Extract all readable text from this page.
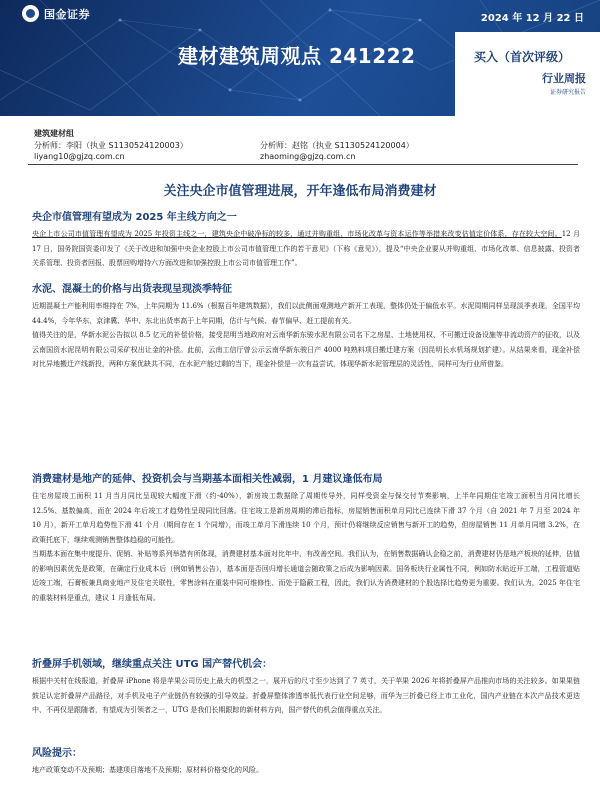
国金证券	2024 年 12 月 22 日
建材建筑周观点 241222	买入（首次评级）
行业周报
证券研究报告
建筑建材组
分析师：李阳（执业 S1130524120003）	分析师：赵铭（执业 S1130524120004）
liyang10@gjzq.com.cn	zhaoming@gjzq.com.cn
关注央企市值管理进展，开年逢低布局消费建材
央企市值管理有望成为 2025 年主线方向之一

央企上市公司市值管理有望成为 2025 年投资主线之一，建筑央企中破净标的较多，通过并购重组、市场化改革与资本运作等举措来改变估值定价体系，存在较大空间。12 月 17 日，国务院国资委印发了《关于改进和加强中央企业控股上市公司市值管理工作的若干意见》（下称《意见》），提及“中央企业要从并购重组、市场化改革、信息披露、投资者关系管理、投资者回报、股票回购增持六方面改进和加强控股上市公司市值管理工作”。

水泥、混凝土的价格与出货表现呈现淡季特征

近期混凝土产能利用率维持在 7%，上年同期为 11.6%（根据百年建筑数据），我们以此侧面观测地产新开工表现，整体仍处于偏低水平。水泥周期同样呈现淡季表现，全国平均 44.4%，今年华东、京津冀、华中、东北出货率高于上年同期，估计与气候、春节偏早、赶工提前有关。

值得关注的是，华新水泥公告拟以 8.5 亿元的补偿价格，接受昆明当地政府对云南华新东骏水泥有限公司名下之房屋、土地使用权、不可搬迁设备设施等非流动资产的征收，以及云南国资水泥昆明有限公司采矿权出让金的补偿。此前，云南工信厅曾公示云南华新东骏日产 4000 吨熟料项目搬迁建方案（因昆明长水机场规划扩建）。从结果来看，现金补偿对比异地搬迁产线新投，两种方案优缺共不同，在水泥产能过剩的当下，现金补偿是一次有益尝试，体现华新水泥管理层的灵活性，同样可为行业所借鉴。

消费建材是地产的延伸、投资机会与当期基本面相关性减弱，1 月建议逢低布局

住宅房屋竣工面积 11 月当月同比呈现较大幅度下滑（约-40%），新房竣工数据除了周期传导外，同样受资金与保交付节奏影响，上半年同期住宅竣工面积当月同比增长 12.5%、基数偏高，而在 2024 年后竣工才趋势性呈现同比回落。住宅竣工是新房周期的滞后指标，房屋销售面积单月同比已连续下滑 37 个月（自 2021 年 7 月至 2024 年 10 月），新开工单月趋势性下滑 41 个月（期间存在 1 个同增），而竣工单月下滑连续 10 个月，预计仍将继续反应销售与新开工的趋势，但房屋销售 11 月单月同增 3.2%，在政策托底下，继续观测销售整体趋稳的可能性。

当期基本面在集中度提升、促销、补贴等系列举措有所体现，消费建材基本面对比年中、有改善空间。我们认为，在销售数据确认企稳之前，消费建材仍是地产板块的延伸，估值的影响因素优先是政策，在确定行业成本后（例如销售公告），基本面是否回归增长通道会随政策之后成为影响因素。国务板块行业属性不同，例如防水贴近开工端，工程管道贴近竣工端，石膏板兼具商业地产及住宅关联性，零售涂料在重装中同可维修性、而处于隐蔽工程，因此，我们认为消费建材的个股选择比趋势更为重要。我们认为，2025 年住宅的重装材料是重点，建议 1 月逢低布局。

折叠屏手机领域，继续重点关注 UTG 国产替代机会：

根据中关村在线报道，折叠屏 iPhone 将是苹果公司历史上最大的机型之一，展开后的尺寸至少达到了 7 英寸，关于苹果 2026 年将折叠屏产品推向市场的关注较多。如果果链鼓足认定折叠屏产品路径，对手机及电子产业链仍有较强的引导效益。折叠屏整体渗透率低代表行业空间足够，而华为三折叠已经上市工业化，国内产业链在本次产品技术更迭中、不再仅是跟随者，有望成为引领者之一，UTG 是我们长期跟踪的新材料方向，国产替代的机会值得重点关注。

风险提示：

地产政策变动不及预期；基建项目落地不及预期；原材料价格变化的风险。
